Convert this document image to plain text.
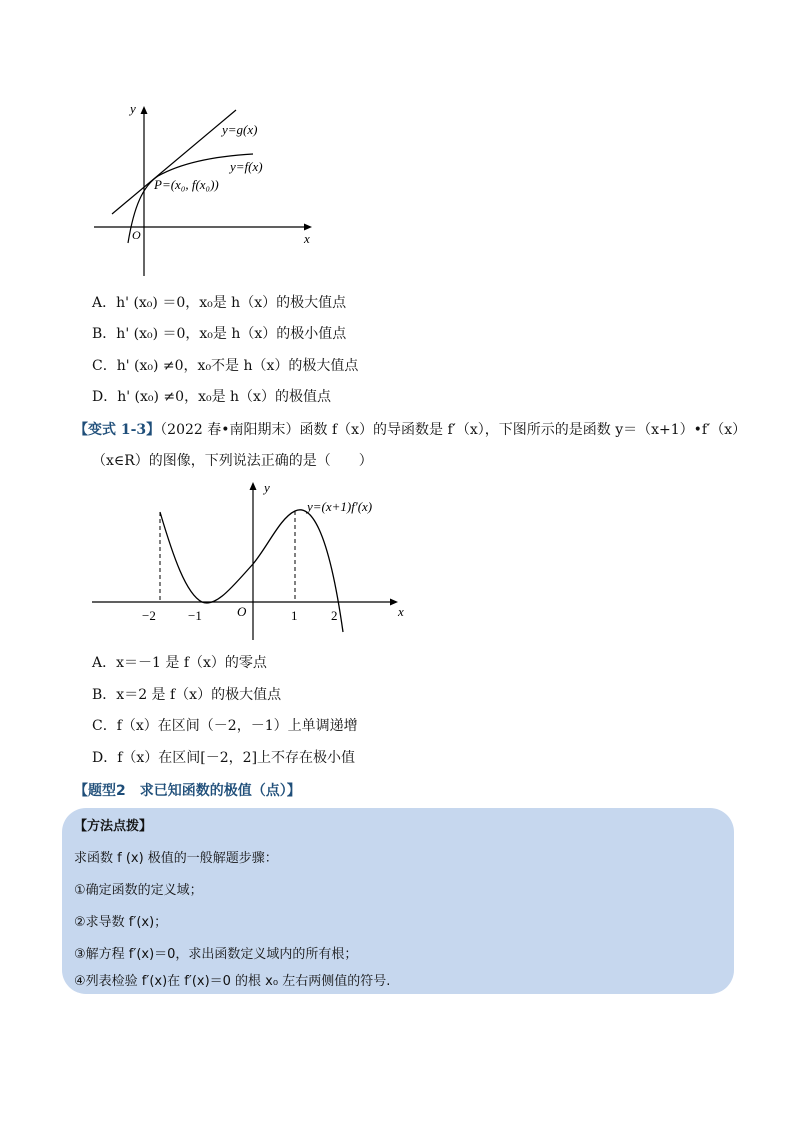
y
x
O
y=g(x)
y=f(x)
P=(x₀, f(x₀))
A．h' (x₀) ＝0，x₀是 h（x）的极大值点
B．h' (x₀) ＝0，x₀是 h（x）的极小值点
C．h' (x₀) ≠0，x₀不是 h（x）的极大值点
D．h' (x₀) ≠0，x₀是 h（x）的极值点
【变式 1-3】（2022 春•南阳期末）函数 f（x）的导函数是 f′（x），下图所示的是函数 y＝（x+1）•f′（x）
（x∈R）的图像，下列说法正确的是（　　）
y
x
O
y=(x+1)f′(x)
−2 −1	1	2
A．x＝－1 是 f（x）的零点
B．x＝2 是 f（x）的极大值点
C．f（x）在区间（－2，－1）上单调递增
D．f（x）在区间[－2，2]上不存在极小值
【题型2　求已知函数的极值（点）】
【方法点拨】
求函数 f (x) 极值的一般解题步骤：
①确定函数的定义域；
②求导数 f′(x)；
③解方程 f′(x)＝0，求出函数定义域内的所有根；
④列表检验 f′(x)在 f′(x)＝0 的根 x₀ 左右两侧值的符号.
